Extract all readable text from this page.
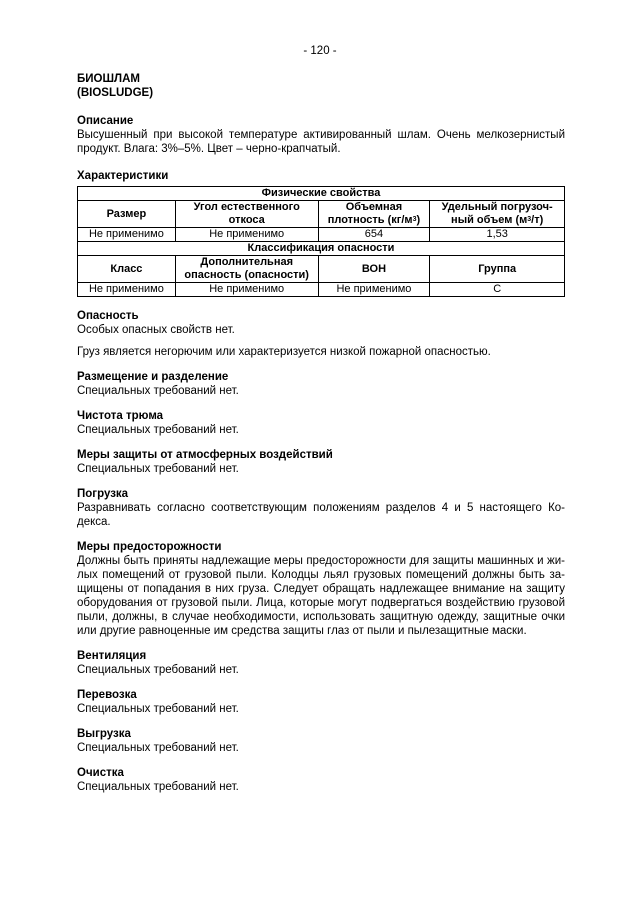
- 120 -
БИОШЛАМ
(BIOSLUDGE)
Описание
Высушенный при высокой температуре активированный шлам. Очень мелкозернистый продукт. Влага: 3%–5%. Цвет – черно-крапчатый.
Характеристики
Физические свойства			
Размер	Угол естественного откоса	Объемная плотность $(кг/м^3)$	Удельный погрузоч-ный объем $(м^3/т)$
Не применимо	Не применимо	654	1,53
Классификация опасности			
Класс	Дополнительная опасность (опасности)	ВОН	Группа
Не применимо	Не применимо	Не применимо	С
Опасность
Особых опасных свойств нет.
Груз является негорючим или характеризуется низкой пожарной опасностью.
Размещение и разделение
Специальных требований нет.
Чистота трюма
Специальных требований нет.
Меры защиты от атмосферных воздействий
Специальных требований нет.
Погрузка
Разравнивать согласно соответствующим положениям разделов 4 и 5 настоящего Ко-декса.
Меры предосторожности
Должны быть приняты надлежащие меры предосторожности для защиты машинных и жи-лых помещений от грузовой пыли. Колодцы льял грузовых помещений должны быть за-щищены от попадания в них груза. Следует обращать надлежащее внимание на защиту оборудования от грузовой пыли. Лица, которые могут подвергаться воздействию грузовой пыли, должны, в случае необходимости, использовать защитную одежду, защитные очки или другие равноценные им средства защиты глаз от пыли и пылезащитные маски.
Вентиляция
Специальных требований нет.
Перевозка
Специальных требований нет.
Выгрузка
Специальных требований нет.
Очистка
Специальных требований нет.
